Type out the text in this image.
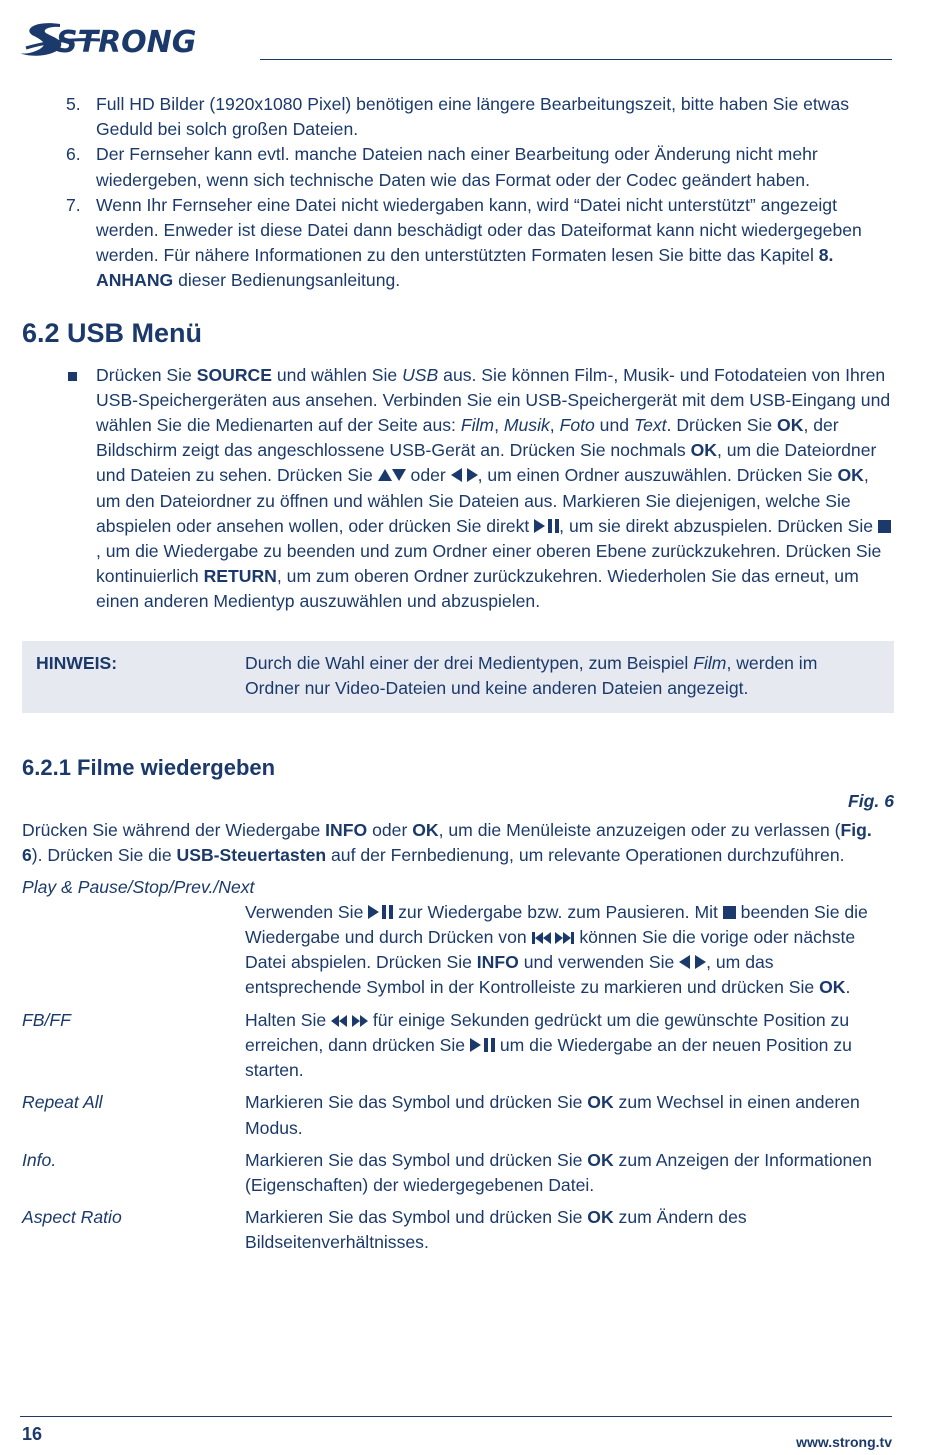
STRONG
5. Full HD Bilder (1920x1080 Pixel) benötigen eine längere Bearbeitungszeit, bitte haben Sie etwas Geduld bei solch großen Dateien.
6. Der Fernseher kann evtl. manche Dateien nach einer Bearbeitung oder Änderung nicht mehr wiedergeben, wenn sich technische Daten wie das Format oder der Codec geändert haben.
7. Wenn Ihr Fernseher eine Datei nicht wiedergaben kann, wird “Datei nicht unterstützt” angezeigt werden. Enweder ist diese Datei dann beschädigt oder das Dateiformat kann nicht wiedergegeben werden. Für nähere Informationen zu den unterstützten Formaten lesen Sie bitte das Kapitel 8. ANHANG dieser Bedienungsanleitung.
6.2 USB Menü
Drücken Sie SOURCE und wählen Sie USB aus. Sie können Film-, Musik- und Fotodateien von Ihren USB-Speichergeräten aus ansehen. Verbinden Sie ein USB-Speichergerät mit dem USB-Eingang und wählen Sie die Medienarten auf der Seite aus: Film, Musik, Foto und Text. Drücken Sie OK, der Bildschirm zeigt das angeschlossene USB-Gerät an. Drücken Sie nochmals OK, um die Dateiordner und Dateien zu sehen. Drücken Sie  oder  , um einen Ordner auszuwählen. Drücken Sie OK, um den Dateiordner zu öffnen und wählen Sie Dateien aus. Markieren Sie diejenigen, welche Sie abspielen oder ansehen wollen, oder drücken Sie direkt , um sie direkt abzuspielen. Drücken Sie , um die Wiedergabe zu beenden und zum Ordner einer oberen Ebene zurückzukehren. Drücken Sie kontinuierlich RETURN, um zum oberen Ordner zurückzukehren. Wiederholen Sie das erneut, um einen anderen Medientyp auszuwählen und abzuspielen.
HINWEIS:	Durch die Wahl einer der drei Medientypen, zum Beispiel Film, werden im Ordner nur Video-Dateien und keine anderen Dateien angezeigt.
6.2.1 Filme wiedergeben
Fig. 6
Drücken Sie während der Wiedergabe INFO oder OK, um die Menüleiste anzuzeigen oder zu verlassen (Fig. 6). Drücken Sie die USB-Steuertasten auf der Fernbedienung, um relevante Operationen durchzuführen.
Play & Pause/Stop/Prev./Next
Verwenden Sie  zur Wiedergabe bzw. zum Pausieren. Mit  beenden Sie die Wiedergabe und durch Drücken von   können Sie die vorige oder nächste Datei abspielen. Drücken Sie INFO und verwenden Sie  , um das entsprechende Symbol in der Kontrolleiste zu markieren und drücken Sie OK.
FB/FF	Halten Sie   für einige Sekunden gedrückt um die gewünschte Position zu erreichen, dann drücken Sie  um die Wiedergabe an der neuen Position zu starten.
Repeat All	Markieren Sie das Symbol und drücken Sie OK zum Wechsel in einen anderen Modus.
Info.	Markieren Sie das Symbol und drücken Sie OK zum Anzeigen der Informationen (Eigenschaften) der wiedergegebenen Datei.
Aspect Ratio	Markieren Sie das Symbol und drücken Sie OK zum Ändern des Bildseitenverhältnisses.
16	www.strong.tv
